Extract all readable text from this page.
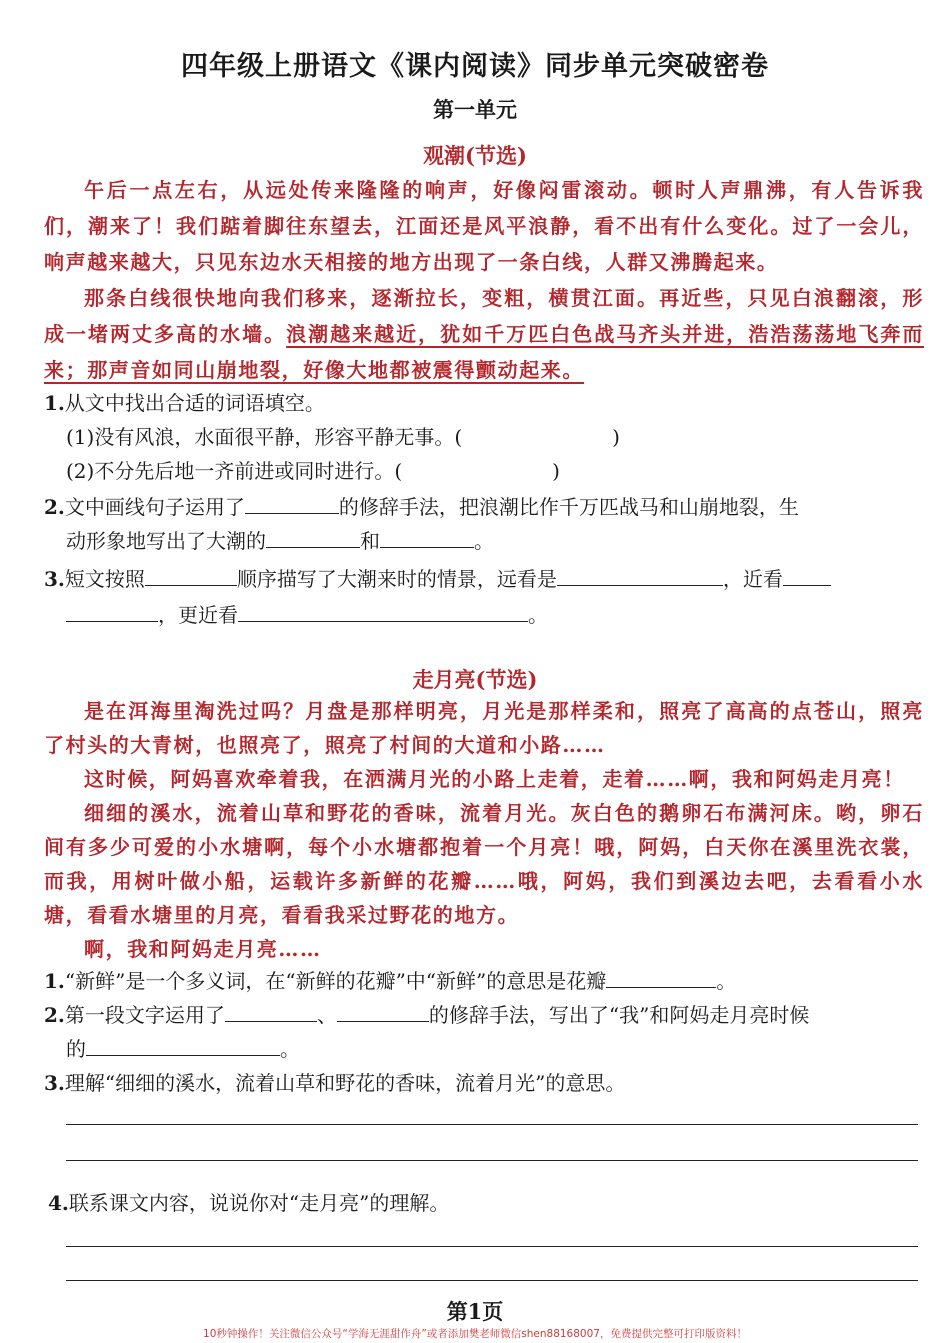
四年级上册语文《课内阅读》同步单元突破密卷
第一单元
观潮(节选)
午后一点左右，从远处传来隆隆的响声，好像闷雷滚动。顿时人声鼎沸，有人告诉我们，潮来了！我们踮着脚往东望去，江面还是风平浪静，看不出有什么变化。过了一会儿，响声越来越大，只见东边水天相接的地方出现了一条白线，人群又沸腾起来。
那条白线很快地向我们移来，逐渐拉长，变粗，横贯江面。再近些，只见白浪翻滚，形成一堵两丈多高的水墙。浪潮越来越近，犹如千万匹白色战马齐头并进，浩浩荡荡地飞奔而来；那声音如同山崩地裂，好像大地都被震得颤动起来。
1.从文中找出合适的词语填空。
(1)没有风浪，水面很平静，形容平静无事。(	)
(2)不分先后地一齐前进或同时进行。(	)
2.文中画线句子运用了	的修辞手法，把浪潮比作千万匹战马和山崩地裂，生
动形象地写出了大潮的	和	。
3.短文按照	顺序描写了大潮来时的情景，远看是	，近看
，更近看	。
走月亮(节选)
是在洱海里淘洗过吗？月盘是那样明亮，月光是那样柔和，照亮了高高的点苍山，照亮了村头的大青树，也照亮了，照亮了村间的大道和小路……
这时候，阿妈喜欢牵着我，在洒满月光的小路上走着，走着……啊，我和阿妈走月亮！
细细的溪水，流着山草和野花的香味，流着月光。灰白色的鹅卵石布满河床。哟，卵石间有多少可爱的小水塘啊，每个小水塘都抱着一个月亮！哦，阿妈，白天你在溪里洗衣裳，而我，用树叶做小船，运载许多新鲜的花瓣……哦，阿妈，我们到溪边去吧，去看看小水塘，看看水塘里的月亮，看看我采过野花的地方。
啊，我和阿妈走月亮……
1.“新鲜”是一个多义词，在“新鲜的花瓣”中“新鲜”的意思是花瓣	。
2.第一段文字运用了	、	的修辞手法，写出了“我”和阿妈走月亮时候
的	。
3.理解“细细的溪水，流着山草和野花的香味，流着月光”的意思。
4.联系课文内容，说说你对“走月亮”的理解。
第1页
10秒钟操作！关注微信公众号“学海无涯甜作舟”或者添加樊老师微信shen88168007，免费提供完整可打印版资料！
